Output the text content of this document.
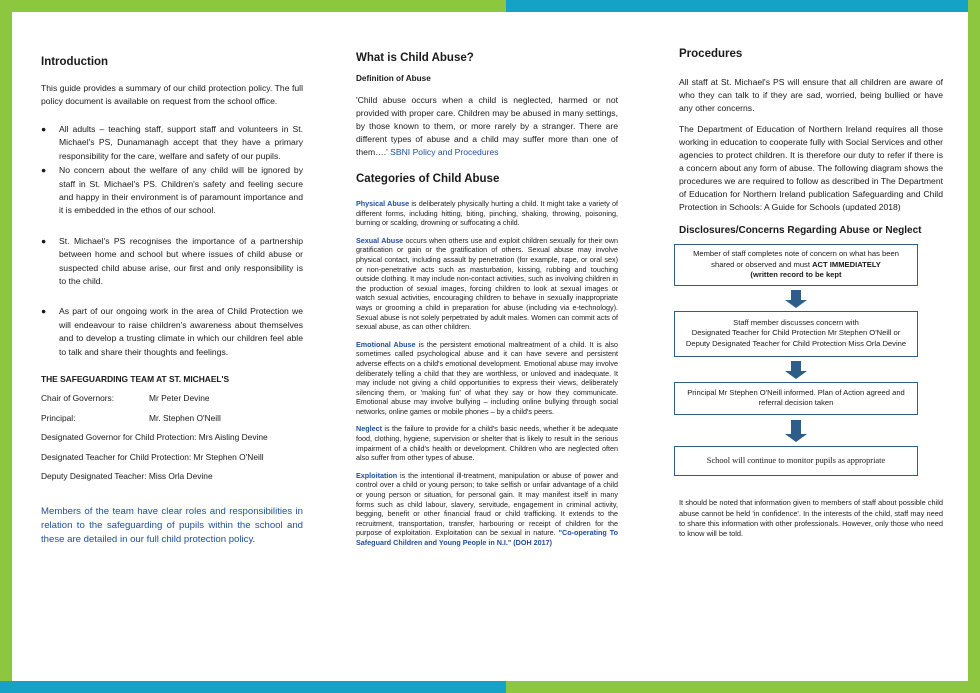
Introduction

This guide provides a summary of our child protection policy. The full policy document is available on request from the school office.

● All adults – teaching staff, support staff and volunteers in St. Michael's PS, Dunamanagh accept that they have a primary responsibility for the care, welfare and safety of our pupils.
● No concern about the welfare of any child will be ignored by staff in St. Michael's PS. Children's safety and feeling secure and happy in their environment is of paramount importance and it is embedded in the ethos of our school.
● St. Michael's PS recognises the importance of a partnership between home and school but where issues of child abuse or suspected child abuse arise, our first and only responsibility is to the child.
● As part of our ongoing work in the area of Child Protection we will endeavour to raise children's awareness about themselves and to develop a trusting climate in which our children feel able to talk and share their thoughts and feelings.
THE SAFEGUARDING TEAM AT ST. MICHAEL'S
Chair of Governors:	Mr Peter Devine
Principal:	Mr. Stephen O'Neill
Designated Governor for Child Protection: Mrs Aisling Devine
Designated Teacher for Child Protection: Mr Stephen O'Neill
Deputy Designated Teacher: Miss Orla Devine

Members of the team have clear roles and responsibilities in relation to the safeguarding of pupils within the school and these are detailed in our full child protection policy.

What is Child Abuse?
Definition of Abuse

'Child abuse occurs when a child is neglected, harmed or not provided with proper care. Children may be abused in many settings, by those known to them, or more rarely by a stranger. There are different types of abuse and a child may suffer more than one of them….' SBNI Policy and Procedures

Categories of Child Abuse

Physical Abuse is deliberately physically hurting a child. It might take a variety of different forms, including hitting, biting, pinching, shaking, throwing, poisoning, burning or scalding, drowning or suffocating a child.

Sexual Abuse occurs when others use and exploit children sexually for their own gratification or gain or the gratification of others. Sexual abuse may involve physical contact, including assault by penetration (for example, rape, or oral sex) or non-penetrative acts such as masturbation, kissing, rubbing and touching outside clothing. It may include non-contact activities, such as involving children in the production of sexual images, forcing children to look at sexual images or watch sexual activities, encouraging children to behave in sexually inappropriate ways or grooming a child in preparation for abuse (including via e-technology). Sexual abuse is not solely perpetrated by adult males. Women can commit acts of sexual abuse, as can other children.

Emotional Abuse is the persistent emotional maltreatment of a child. It is also sometimes called psychological abuse and it can have severe and persistent adverse effects on a child's emotional development. Emotional abuse may involve deliberately telling a child that they are worthless, or unloved and inadequate. It may include not giving a child opportunities to express their views, deliberately silencing them, or 'making fun' of what they say or how they communicate. Emotional abuse may involve bullying – including online bullying through social networks, online games or mobile phones – by a child's peers.

Neglect is the failure to provide for a child's basic needs, whether it be adequate food, clothing, hygiene, supervision or shelter that is likely to result in the serious impairment of a child's health or development. Children who are neglected often also suffer from other types of abuse.

Exploitation is the intentional ill-treatment, manipulation or abuse of power and control over a child or young person; to take selfish or unfair advantage of a child or young person or situation, for personal gain. It may manifest itself in many forms such as child labour, slavery, servitude, engagement in criminal activity, begging, benefit or other financial fraud or child trafficking. It extends to the recruitment, transportation, transfer, harbouring or receipt of children for the purpose of exploitation. Exploitation can be sexual in nature. "Co-operating To Safeguard Children and Young People in N.I." (DOH 2017)

Procedures

All staff at St. Michael's PS will ensure that all children are aware of who they can talk to if they are sad, worried, being bullied or have any other concerns.

The Department of Education of Northern Ireland requires all those working in education to cooperate fully with Social Services and other agencies to protect children. It is therefore our duty to refer if there is a concern about any form of abuse. The following diagram shows the procedures we are required to follow as described in The Department of Education for Northern Ireland publication Safeguarding and Child Protection in Schools: A Guide for Schools (updated 2018)

Disclosures/Concerns Regarding Abuse or Neglect
Member of staff completes note of concern on what has been shared or observed and must ACT IMMEDIATELY
(written record to be kept
Staff member discusses concern with
Designated Teacher for Child Protection Mr Stephen O'Neill or
Deputy Designated Teacher for Child Protection Miss Orla Devine
Principal Mr Stephen O'Neill informed. Plan of Action agreed and referral decision taken
School will continue to monitor pupils as appropriate

It should be noted that information given to members of staff about possible child abuse cannot be held 'in confidence'. In the interests of the child, staff may need to share this information with other professionals. However, only those who need to know will be told.
